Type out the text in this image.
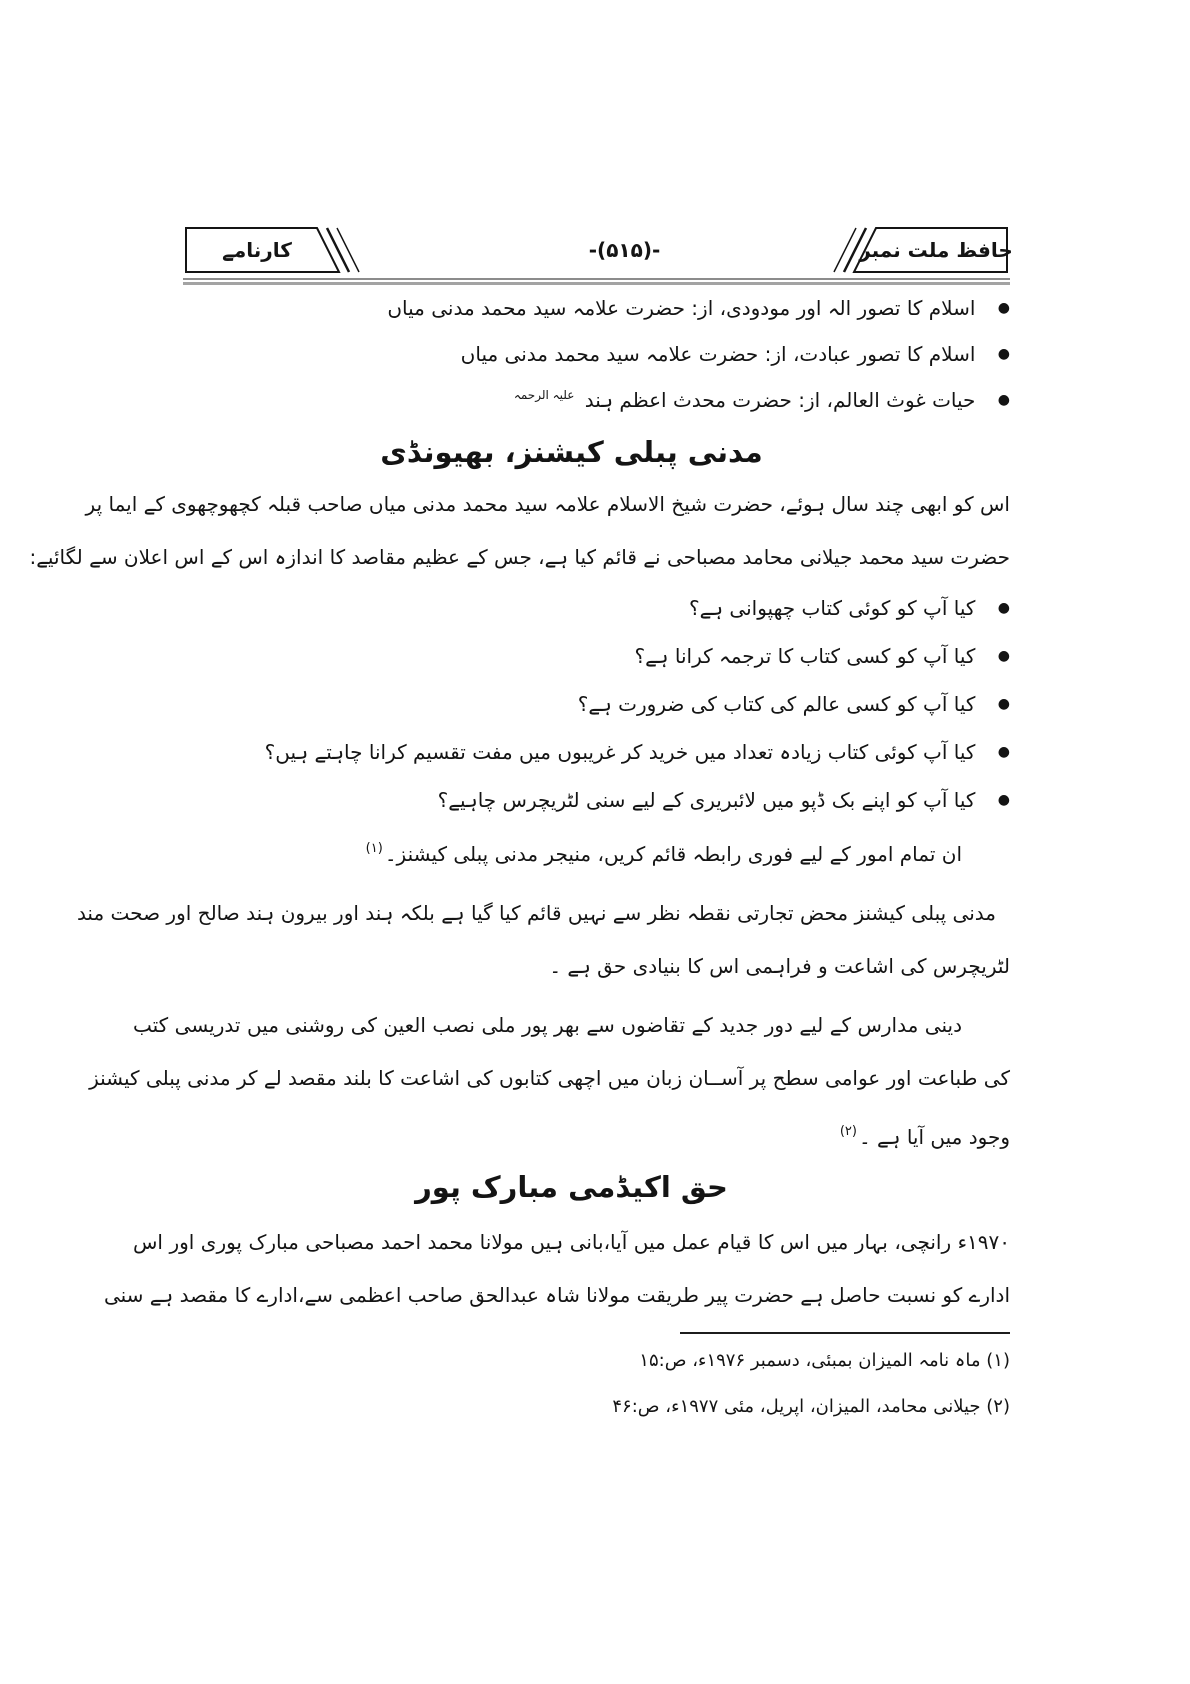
حافظ ملت نمبر
-(۵۱۵)-
کارنامے
● اسلام کا تصور الہ اور مودودی، از: حضرت علامہ سید محمد مدنی میاں
● اسلام کا تصور عبادت، از: حضرت علامہ سید محمد مدنی میاں
● حیات غوث العالم، از: حضرت محدث اعظم ہند $^{علیہ الرحمہ}$
مدنی پبلی کیشنز، بھیونڈی
اس کو ابھی چند سال ہوئے، حضرت شیخ الاسلام علامہ سید محمد مدنی میاں صاحب قبلہ کچھوچھوی کے ایما پر
حضرت سید محمد جیلانی محامد مصباحی نے قائم کیا ہے، جس کے عظیم مقاصد کا اندازہ اس کے اس اعلان سے لگائیے:
● کیا آپ کو کوئی کتاب چھپوانی ہے؟
● کیا آپ کو کسی کتاب کا ترجمہ کرانا ہے؟
● کیا آپ کو کسی عالم کی کتاب کی ضرورت ہے؟
● کیا آپ کوئی کتاب زیادہ تعداد میں خرید کر غریبوں میں مفت تقسیم کرانا چاہتے ہیں؟
● کیا آپ کو اپنے بک ڈپو میں لائبریری کے لیے سنی لٹریچرس چاہیے؟
ان تمام امور کے لیے فوری رابطہ قائم کریں، منیجر مدنی پبلی کیشنز۔$^{(۱)}$
مدنی پبلی کیشنز محض تجارتی نقطہ نظر سے نہیں قائم کیا گیا ہے بلکہ ہند اور بیرون ہند صالح اور صحت مند
لٹریچرس کی اشاعت و فراہمی اس کا بنیادی حق ہے ۔
دینی مدارس کے لیے دور جدید کے تقاضوں سے بھر پور ملی نصب العین کی روشنی میں تدریسی کتب
کی طباعت اور عوامی سطح پر آســان زبان میں اچھی کتابوں کی اشاعت کا بلند مقصد لے کر مدنی پبلی کیشنز
وجود میں آیا ہے ۔$^{(۲)}$
حق اکیڈمی مبارک پور
۱۹۷۰ء رانچی، بہار میں اس کا قیام عمل میں آیا،بانی ہیں مولانا محمد احمد مصباحی مبارک پوری اور اس
ادارے کو نسبت حاصل ہے حضرت پیر طریقت مولانا شاہ عبدالحق صاحب اعظمی سے،ادارے کا مقصد ہے سنی
(۱) ماہ نامہ المیزان بمبئی، دسمبر ۱۹۷۶ء، ص:۱۵
(۲) جیلانی محامد، المیزان، اپریل، مئی ۱۹۷۷ء، ص:۴۶
